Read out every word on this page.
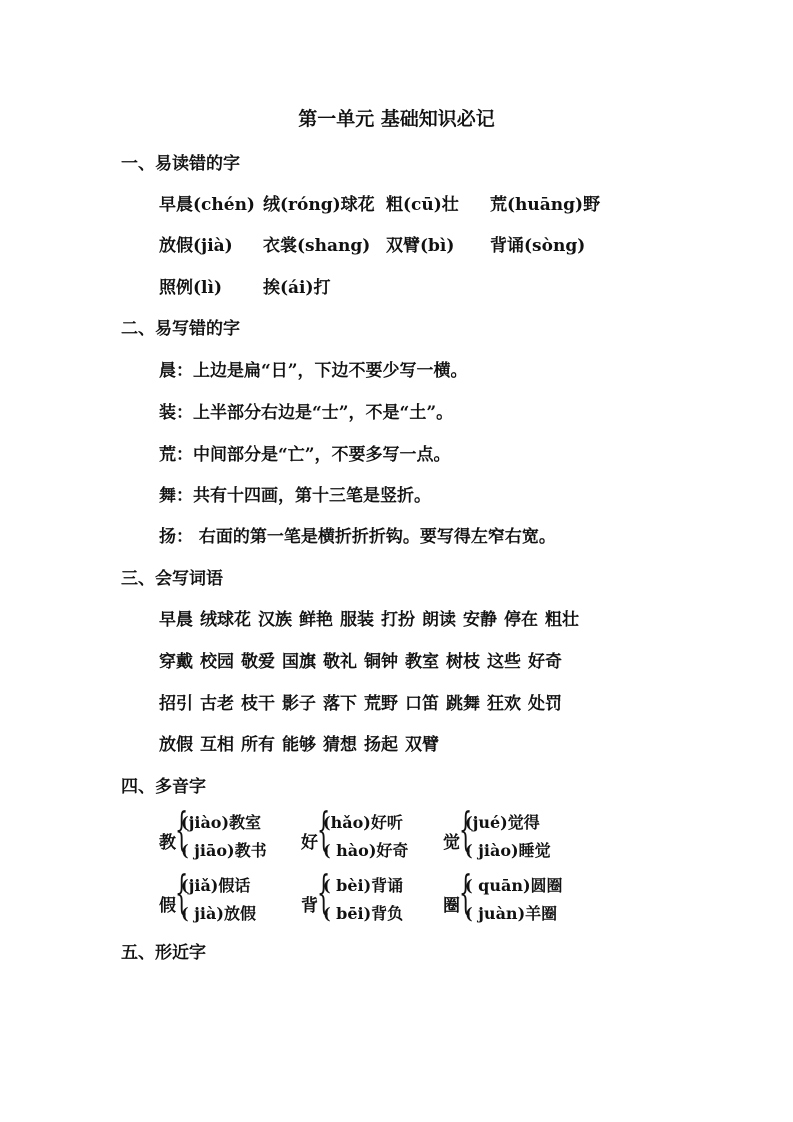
第一单元 基础知识必记
一、易读错的字
早晨(chén) 绒(róng)球花 粗(cū)壮 荒(huāng)野
放假(jià) 衣裳(shang) 双臂(bì) 背诵(sòng)
照例(lì) 挨(ái)打
二、易写错的字
晨：上边是扁“日”，下边不要少写一横。
装：上半部分右边是“士”，不是“土”。
荒：中间部分是“亡”，不要多写一点。
舞：共有十四画，第十三笔是竖折。
扬： 右面的第一笔是横折折折钩。要写得左窄右宽。
三、会写词语
早晨 绒球花 汉族 鲜艳 服装 打扮 朗读 安静 停在 粗壮
穿戴 校园 敬爱 国旗 敬礼 铜钟 教室 树枝 这些 好奇
招引 古老 枝干 影子 落下 荒野 口笛 跳舞 狂欢 处罚
放假 互相 所有 能够 猜想 扬起 双臂
四、多音字
教 {
(jiào)教室
( jiāo)教书 好 {
(hǎo)好听
( hào)好奇 觉 {
(jué)觉得
( jiào)睡觉
假 {
(jiǎ)假话
( jià)放假	背 {
( bèi)背诵
( bēi)背负 圈 {
( quān)圆圈
( juàn)羊圈
五、形近字
